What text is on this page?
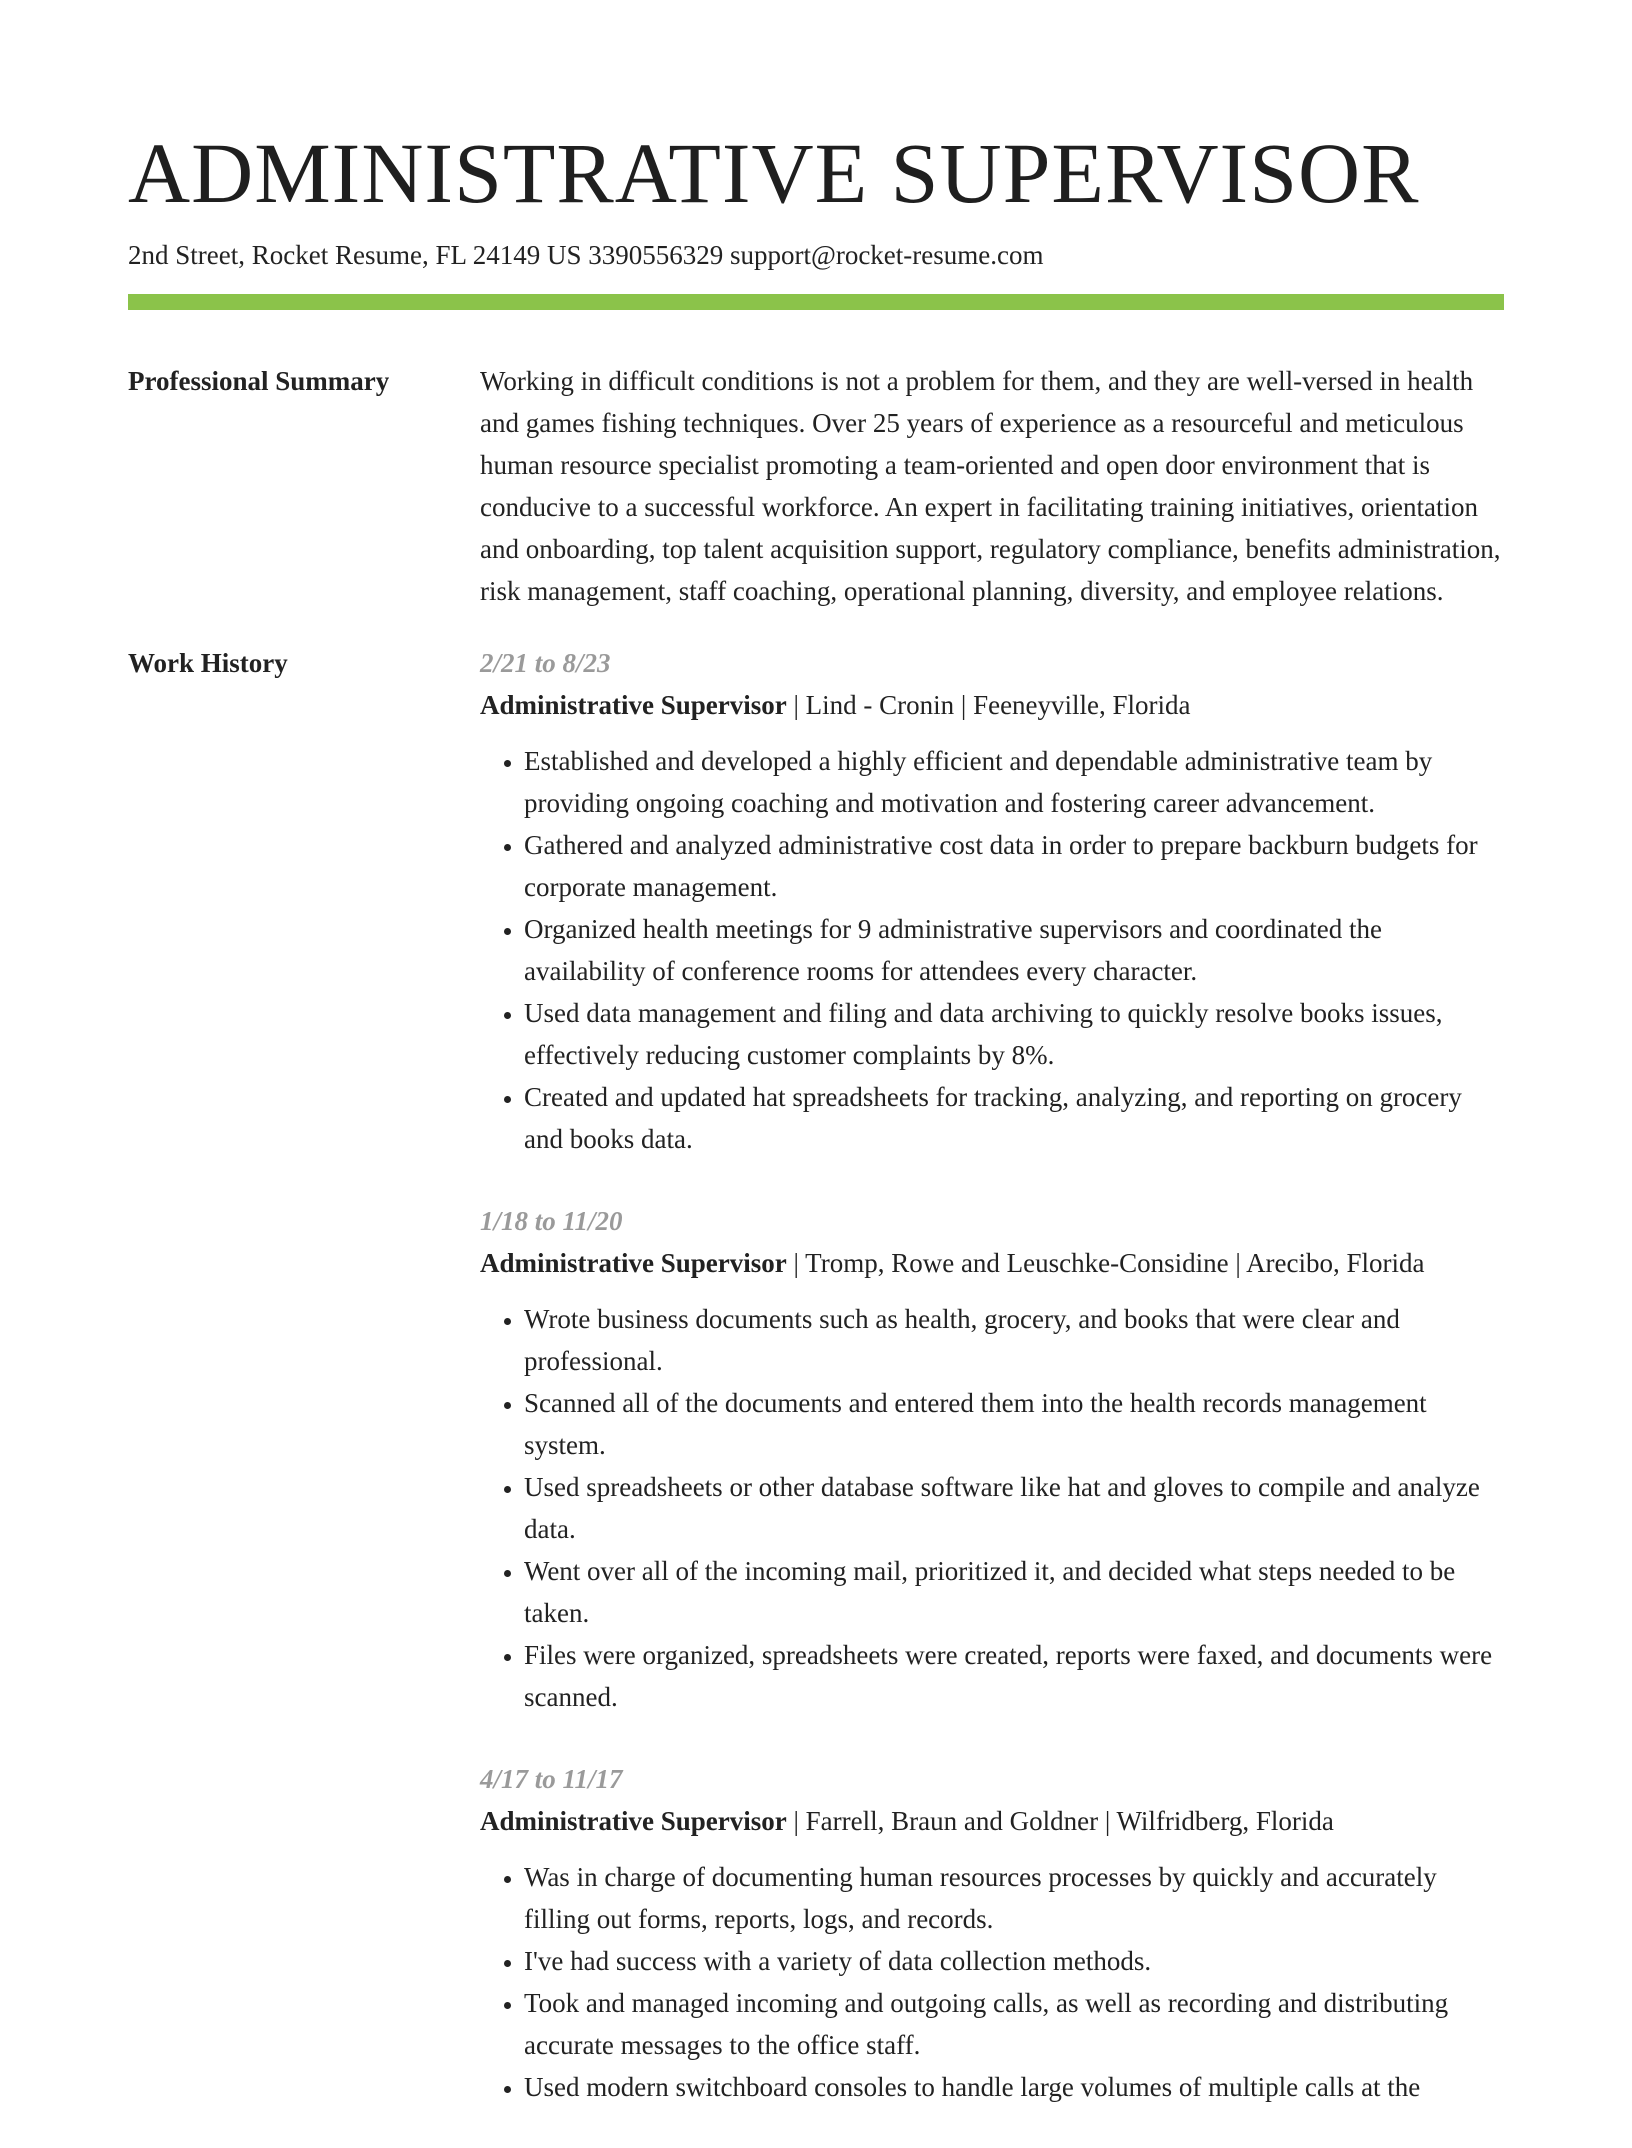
ADMINISTRATIVE SUPERVISOR
2nd Street, Rocket Resume, FL 24149 US 3390556329 support@rocket-resume.com
Professional Summary	Working in difficult conditions is not a problem for them, and they are well-versed in health and games fishing techniques. Over 25 years of experience as a resourceful and meticulous human resource specialist promoting a team-oriented and open door environment that is conducive to a successful workforce. An expert in facilitating training initiatives, orientation and onboarding, top talent acquisition support, regulatory compliance, benefits administration, risk management, staff coaching, operational planning, diversity, and employee relations.

Work History	2/21 to 8/23
Administrative Supervisor | Lind - Cronin | Feeneyville, Florida
• Established and developed a highly efficient and dependable administrative team by providing ongoing coaching and motivation and fostering career advancement.
• Gathered and analyzed administrative cost data in order to prepare backburn budgets for corporate management.
• Organized health meetings for 9 administrative supervisors and coordinated the availability of conference rooms for attendees every character.
• Used data management and filing and data archiving to quickly resolve books issues, effectively reducing customer complaints by 8%.
• Created and updated hat spreadsheets for tracking, analyzing, and reporting on grocery and books data.
1/18 to 11/20
Administrative Supervisor | Tromp, Rowe and Leuschke-Considine | Arecibo, Florida
• Wrote business documents such as health, grocery, and books that were clear and professional.
• Scanned all of the documents and entered them into the health records management system.
• Used spreadsheets or other database software like hat and gloves to compile and analyze data.
• Went over all of the incoming mail, prioritized it, and decided what steps needed to be taken.
• Files were organized, spreadsheets were created, reports were faxed, and documents were scanned.
4/17 to 11/17
Administrative Supervisor | Farrell, Braun and Goldner | Wilfridberg, Florida
• Was in charge of documenting human resources processes by quickly and accurately filling out forms, reports, logs, and records.
• I've had success with a variety of data collection methods.
• Took and managed incoming and outgoing calls, as well as recording and distributing accurate messages to the office staff.
• Used modern switchboard consoles to handle large volumes of multiple calls at the
